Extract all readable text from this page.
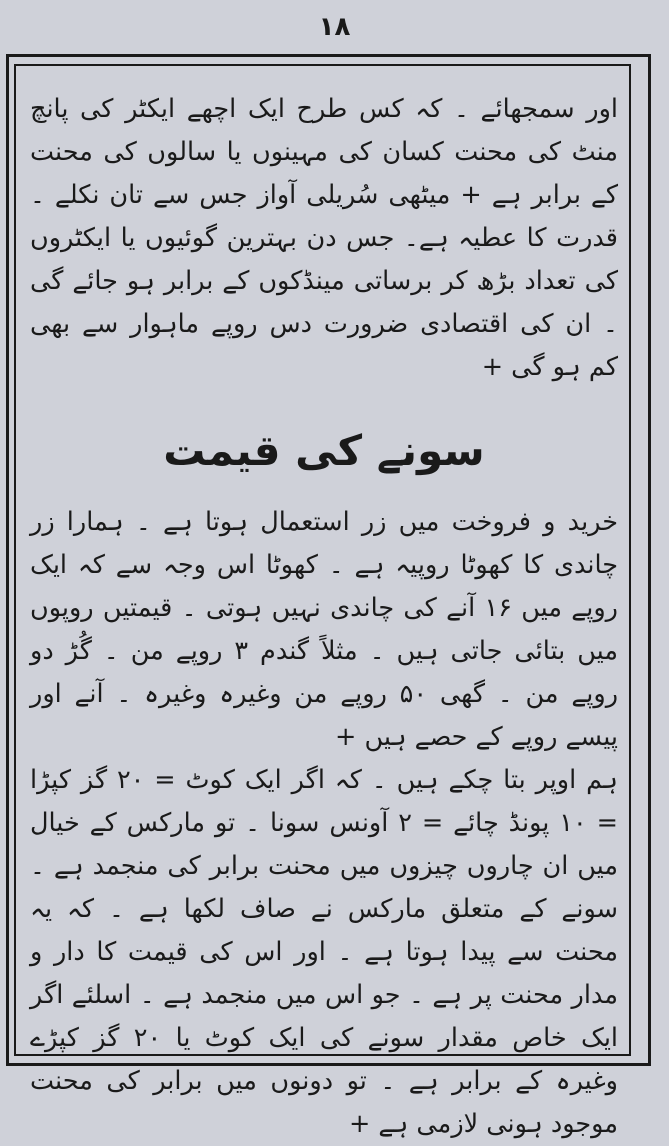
۱۸

اور سمجھائے ۔ کہ کس طرح ایک اچھے ایکٹر کی پانچ منٹ کی محنت کسان کی مہینوں یا سالوں کی محنت کے برابر ہے + میٹھی سُریلی آواز جس سے تان نکلے ۔ قدرت کا عطیہ ہے۔ جس دن بہترین گوئیوں یا ایکٹروں کی تعداد بڑھ کر برساتی مینڈکوں کے برابر ہو جائے گی ۔ ان کی اقتصادی ضرورت دس روپے ماہوار سے بھی کم ہو گی +

سونے کی قیمت

خرید و فروخت میں زر استعمال ہوتا ہے ۔ ہمارا زر چاندی کا کھوٹا روپیہ ہے ۔ کھوٹا اس وجہ سے کہ ایک روپے میں ۱۶ آنے کی چاندی نہیں ہوتی ۔ قیمتیں روپوں میں بتائی جاتی ہیں ۔ مثلاً گندم ۳ روپے من ۔ گُڑ دو روپے من ۔ گھی ۵۰ روپے من وغیرہ وغیرہ ۔ آنے اور پیسے روپے کے حصے ہیں +

ہم اوپر بتا چکے ہیں ۔ کہ اگر ایک کوٹ = ۲۰ گز کپڑا = ۱۰ پونڈ چائے = ۲ آونس سونا ۔ تو مارکس کے خیال میں ان چاروں چیزوں میں محنت برابر کی منجمد ہے ۔ سونے کے متعلق مارکس نے صاف لکھا ہے ۔ کہ یہ محنت سے پیدا ہوتا ہے ۔ اور اس کی قیمت کا دار و مدار محنت پر ہے ۔ جو اس میں منجمد ہے ۔ اسلئے اگر ایک خاص مقدار سونے کی ایک کوٹ یا ۲۰ گز کپڑے وغیرہ کے برابر ہے ۔ تو دونوں میں برابر کی محنت موجود ہونی لازمی ہے +
